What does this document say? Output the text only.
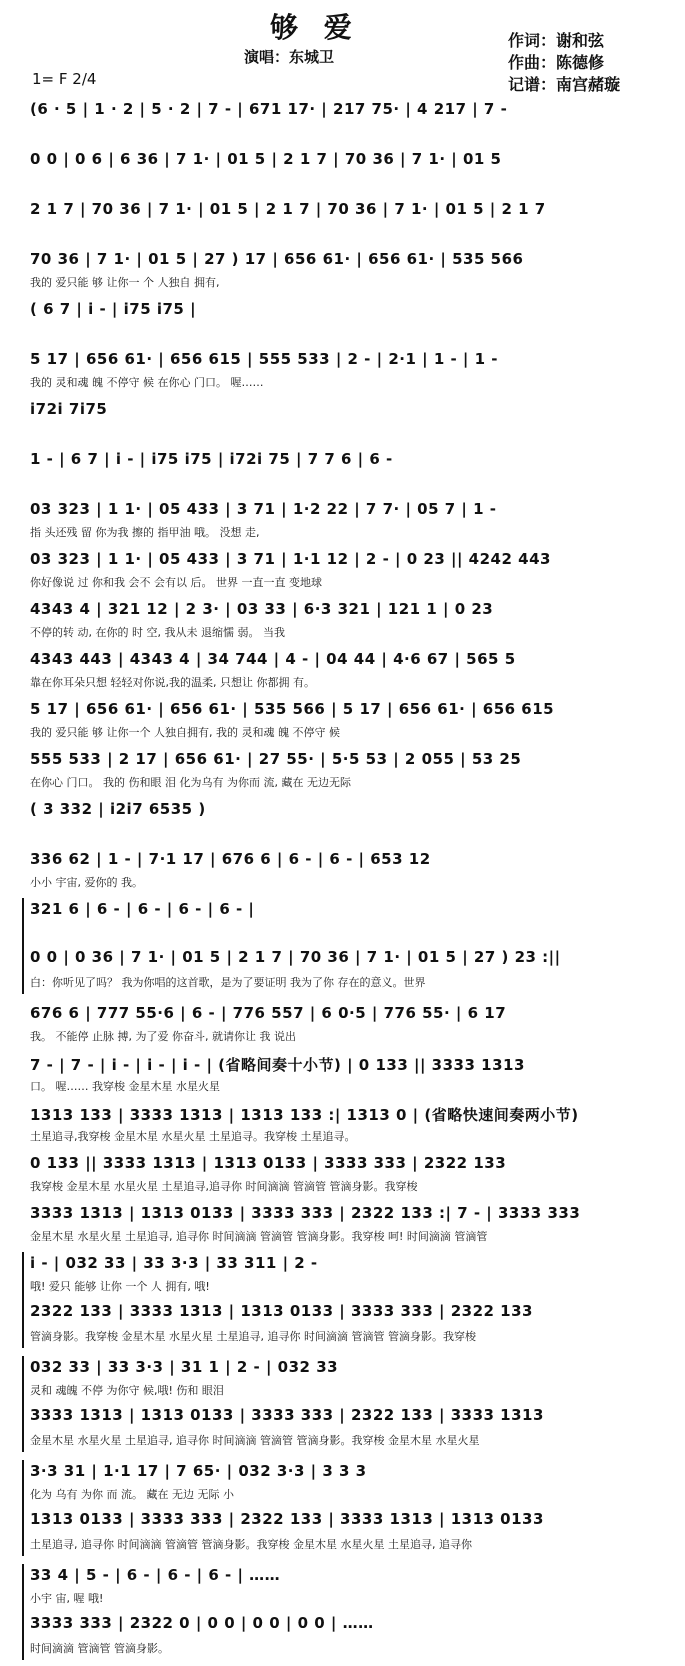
够 爱
演唱：东城卫
作词：谢和弦
作曲：陈德修
记谱：南宫赭璇
1= F 2/4
(6 · 5 | 1 · 2 | 5 · 2 | 7 - | 671 17· | 217 75· | 4 217 | 7 -
0 0 | 0 6 | 6 36 | 7 1· | 01 5 | 2 1 7 | 70 36 | 7 1· | 01 5
2 1 7 | 70 36 | 7 1· | 01 5 | 2 1 7 | 70 36 | 7 1· | 01 5 | 2 1 7
70 36 | 7 1· | 01 5 | 27 ) 17 | 656 61· | 656 61· | 535 566
我的 爱只能 够 让你一 个 人独自 拥有,
( 6 7 | i - | i75 i75 |
5 17 | 656 61· | 656 615 | 555 533 | 2 - | 2·1 | 1 - | 1 -
我的 灵和魂 魄 不停守 候 在你心 门口。 喔……
i72i 7i75
1 - | 6 7 | i - | i75 i75 | i72i 75 | 7 7 6 | 6 -
03 323 | 1 1· | 05 433 | 3 71 | 1·2 22 | 7 7· | 05 7 | 1 -
指 头还残 留 你为我 擦的 指甲油 哦。 没想 走,
03 323 | 1 1· | 05 433 | 3 71 | 1·1 12 | 2 - | 0 23 || 4242 443
你好像说 过 你和我 会不 会有以 后。 世界 一直一直 变地球
4343 4 | 321 12 | 2 3· | 03 33 | 6·3 321 | 121 1 | 0 23
不停的转 动, 在你的 时 空, 我从未 退缩懦 弱。 当我
4343 443 | 4343 4 | 34 744 | 4 - | 04 44 | 4·6 67 | 565 5
靠在你耳朵只想 轻轻对你说,我的温柔, 只想让 你都拥 有。
5 17 | 656 61· | 656 61· | 535 566 | 5 17 | 656 61· | 656 615
我的 爱只能 够 让你一个 人独自拥有, 我的 灵和魂 魄 不停守 候
555 533 | 2 17 | 656 61· | 27 55· | 5·5 53 | 2 055 | 53 25
在你心 门口。 我的 伤和眼 泪 化为乌有 为你而 流, 藏在 无边无际
( 3 332 | i2i7 6535 )
336 62 | 1 - | 7·1 17 | 676 6 | 6 - | 6 - | 653 12
小小 宇宙, 爱你的 我。
321 6 | 6 - | 6 - | 6 - | 6 - |
0 0 | 0 36 | 7 1· | 01 5 | 2 1 7 | 70 36 | 7 1· | 01 5 | 27 ) 23 :||
白：你听见了吗？ 我为你唱的这首歌，是为了要证明 我为了你 存在的意义。世界
676 6 | 777 55·6 | 6 - | 776 557 | 6 0·5 | 776 55· | 6 17
我。 不能停 止脉 搏, 为了爱 你奋斗, 就请你让 我 说出
7 - | 7 - | i - | i - | i - | (省略间奏十小节) | 0 133 || 3333 1313
口。 喔…… 我穿梭 金星木星 水星火星
1313 133 | 3333 1313 | 1313 133 :| 1313 0 | (省略快速间奏两小节)
土星追寻,我穿梭 金星木星 水星火星 土星追寻。我穿梭 土星追寻。
0 133 || 3333 1313 | 1313 0133 | 3333 333 | 2322 133
我穿梭 金星木星 水星火星 土星追寻,追寻你 时间滴滴 管滴管 管滴身影。我穿梭
3333 1313 | 1313 0133 | 3333 333 | 2322 133 :| 7 - | 3333 333
金星木星 水星火星 土星追寻, 追寻你 时间滴滴 管滴管 管滴身影。我穿梭 呵! 时间滴滴 管滴管
i - | 032 33 | 33 3·3 | 33 311 | 2 -
哦! 爱只 能够 让你 一个 人 拥有, 哦!
2322 133 | 3333 1313 | 1313 0133 | 3333 333 | 2322 133
管滴身影。我穿梭 金星木星 水星火星 土星追寻, 追寻你 时间滴滴 管滴管 管滴身影。我穿梭
032 33 | 33 3·3 | 31 1 | 2 - | 032 33
灵和 魂魄 不停 为你守 候,哦! 伤和 眼泪
3333 1313 | 1313 0133 | 3333 333 | 2322 133 | 3333 1313
金星木星 水星火星 土星追寻, 追寻你 时间滴滴 管滴管 管滴身影。我穿梭 金星木星 水星火星
3·3 31 | 1·1 17 | 7 65· | 032 3·3 | 3 3 3
化为 乌有 为你 而 流。 藏在 无边 无际 小
1313 0133 | 3333 333 | 2322 133 | 3333 1313 | 1313 0133
土星追寻, 追寻你 时间滴滴 管滴管 管滴身影。我穿梭 金星木星 水星火星 土星追寻, 追寻你
33 4 | 5 - | 6 - | 6 - | 6 - | ……
小宇 宙, 喔 哦!
3333 333 | 2322 0 | 0 0 | 0 0 | 0 0 | ……
时间滴滴 管滴管 管滴身影。
